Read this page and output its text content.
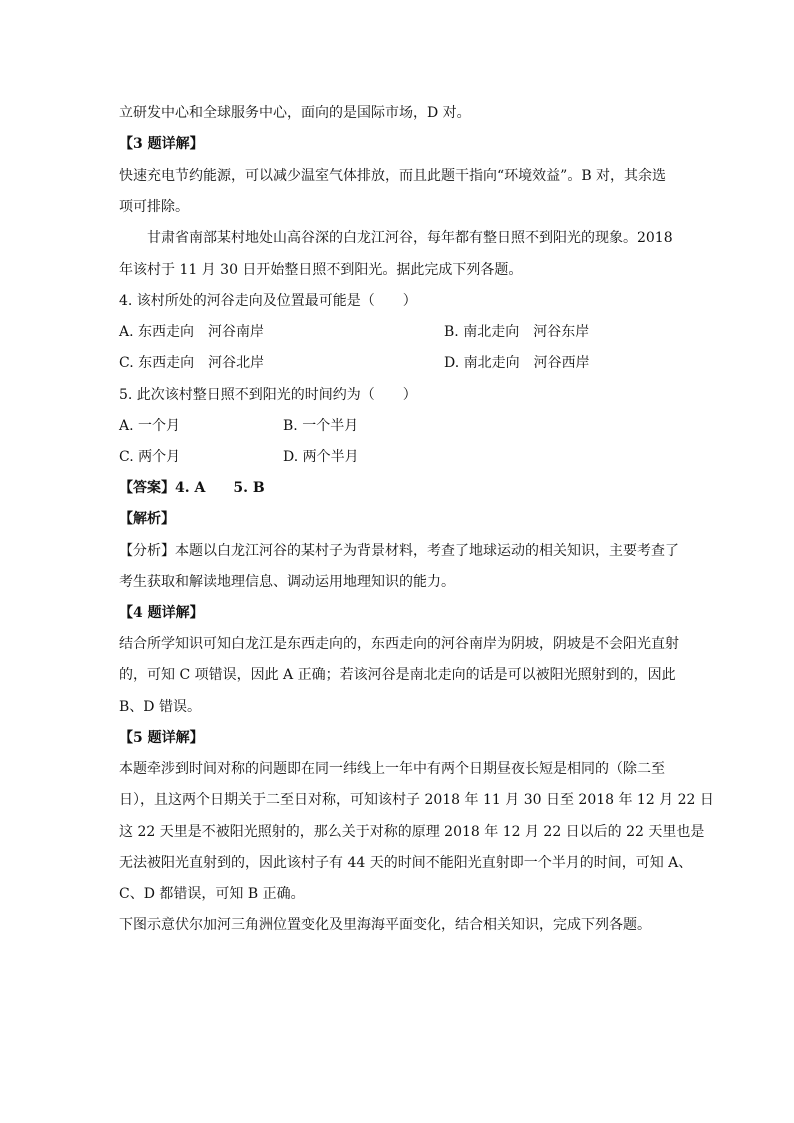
立研发中心和全球服务中心，面向的是国际市场，D 对。
【3 题详解】
快速充电节约能源，可以减少温室气体排放，而且此题干指向“环境效益”。B 对，其余选
项可排除。
甘肃省南部某村地处山高谷深的白龙江河谷，每年都有整日照不到阳光的现象。2018
年该村于 11 月 30 日开始整日照不到阳光。据此完成下列各题。
4. 该村所处的河谷走向及位置最可能是（　　）
A. 东西走向　河谷南岸	B. 南北走向　河谷东岸
C. 东西走向　河谷北岸	D. 南北走向　河谷西岸
5. 此次该村整日照不到阳光的时间约为（　　）
A. 一个月	B. 一个半月
C. 两个月	D. 两个半月
【答案】4. A　　5. B
【解析】
【分析】本题以白龙江河谷的某村子为背景材料，考查了地球运动的相关知识，主要考查了
考生获取和解读地理信息、调动运用地理知识的能力。
【4 题详解】
结合所学知识可知白龙江是东西走向的，东西走向的河谷南岸为阴坡，阴坡是不会阳光直射
的，可知 C 项错误，因此 A 正确；若该河谷是南北走向的话是可以被阳光照射到的，因此
B、D 错误。
【5 题详解】
本题牵涉到时间对称的问题即在同一纬线上一年中有两个日期昼夜长短是相同的（除二至
日），且这两个日期关于二至日对称，可知该村子 2018 年 11 月 30 日至 2018 年 12 月 22 日
这 22 天里是不被阳光照射的，那么关于对称的原理 2018 年 12 月 22 日以后的 22 天里也是
无法被阳光直射到的，因此该村子有 44 天的时间不能阳光直射即一个半月的时间，可知 A、
C、D 都错误，可知 B 正确。
下图示意伏尔加河三角洲位置变化及里海海平面变化，结合相关知识，完成下列各题。
